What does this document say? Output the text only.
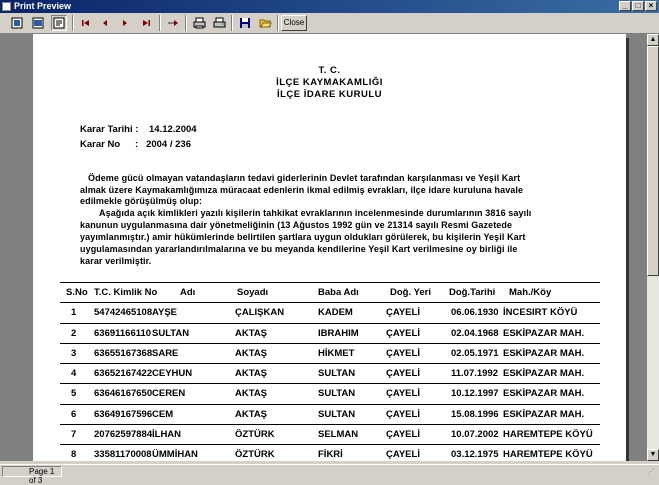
Print Preview	_	□	×
Close
T. C.
İLÇE KAYMAKAMLIĞI
İLÇE İDARE KURULU
Karar Tarihi : 14.12.2004
Karar No :   2004 / 236
Ödeme gücü olmayan vatandaşların tedavi giderlerinin Devlet tarafından karşılanması ve Yeşil Kart
almak üzere Kaymakamlığımıza müracaat edenlerin ikmal edilmiş evrakları, ilçe idare kuruluna havale
edilmekle görüşülmüş olup:
Aşağıda açık kimlikleri yazılı kişilerin tahkikat evraklarının incelenmesinde durumlarının 3816 sayılı
kanunun uygulanmasına dair yönetmeliğinin (13 Ağustos 1992 gün ve 21314 sayılı Resmi Gazetede
yayımlanmıştır.) amir hükümlerinde belirtilen şartlara uygun oldukları görülerek, bu kişilerin Yeşil Kart
uygulamasından yararlandırılmalarına ve bu meyanda kendilerine Yeşil Kart verilmesine oy birliği ile
karar verilmiştir.
S.No T.C. Kimlik No Adı	Soyadı	Baba Adı	Doğ. Yeri Doğ.Tarihi Mah./Köy
1 54742465108 AYŞE	ÇALIŞKAN	KADEM	ÇAYELİ	06.06.1930 İNCESIRT KÖYÜ
2 63691166110 SULTAN	AKTAŞ	IBRAHIM	ÇAYELİ	02.04.1968 ESKİPAZAR MAH.
3 63655167368 SARE	AKTAŞ	HİKMET	ÇAYELİ	02.05.1971 ESKİPAZAR MAH.
4 63652167422 CEYHUN	AKTAŞ	SULTAN	ÇAYELİ	11.07.1992 ESKİPAZAR MAH.
5 63646167650 CEREN	AKTAŞ	SULTAN	ÇAYELİ	10.12.1997 ESKİPAZAR MAH.
6 63649167596 CEM	AKTAŞ	SULTAN	ÇAYELİ	15.08.1996 ESKİPAZAR MAH.
7 20762597884 İLHAN	ÖZTÜRK	SELMAN	ÇAYELİ	10.07.2002 HAREMTEPE KÖYÜ
8 33581170008 ÜMMİHAN	ÖZTÜRK	FİKRİ	ÇAYELİ	03.12.1975 HAREMTEPE KÖYÜ
▲
▼
Page 1 of 3
⋰
